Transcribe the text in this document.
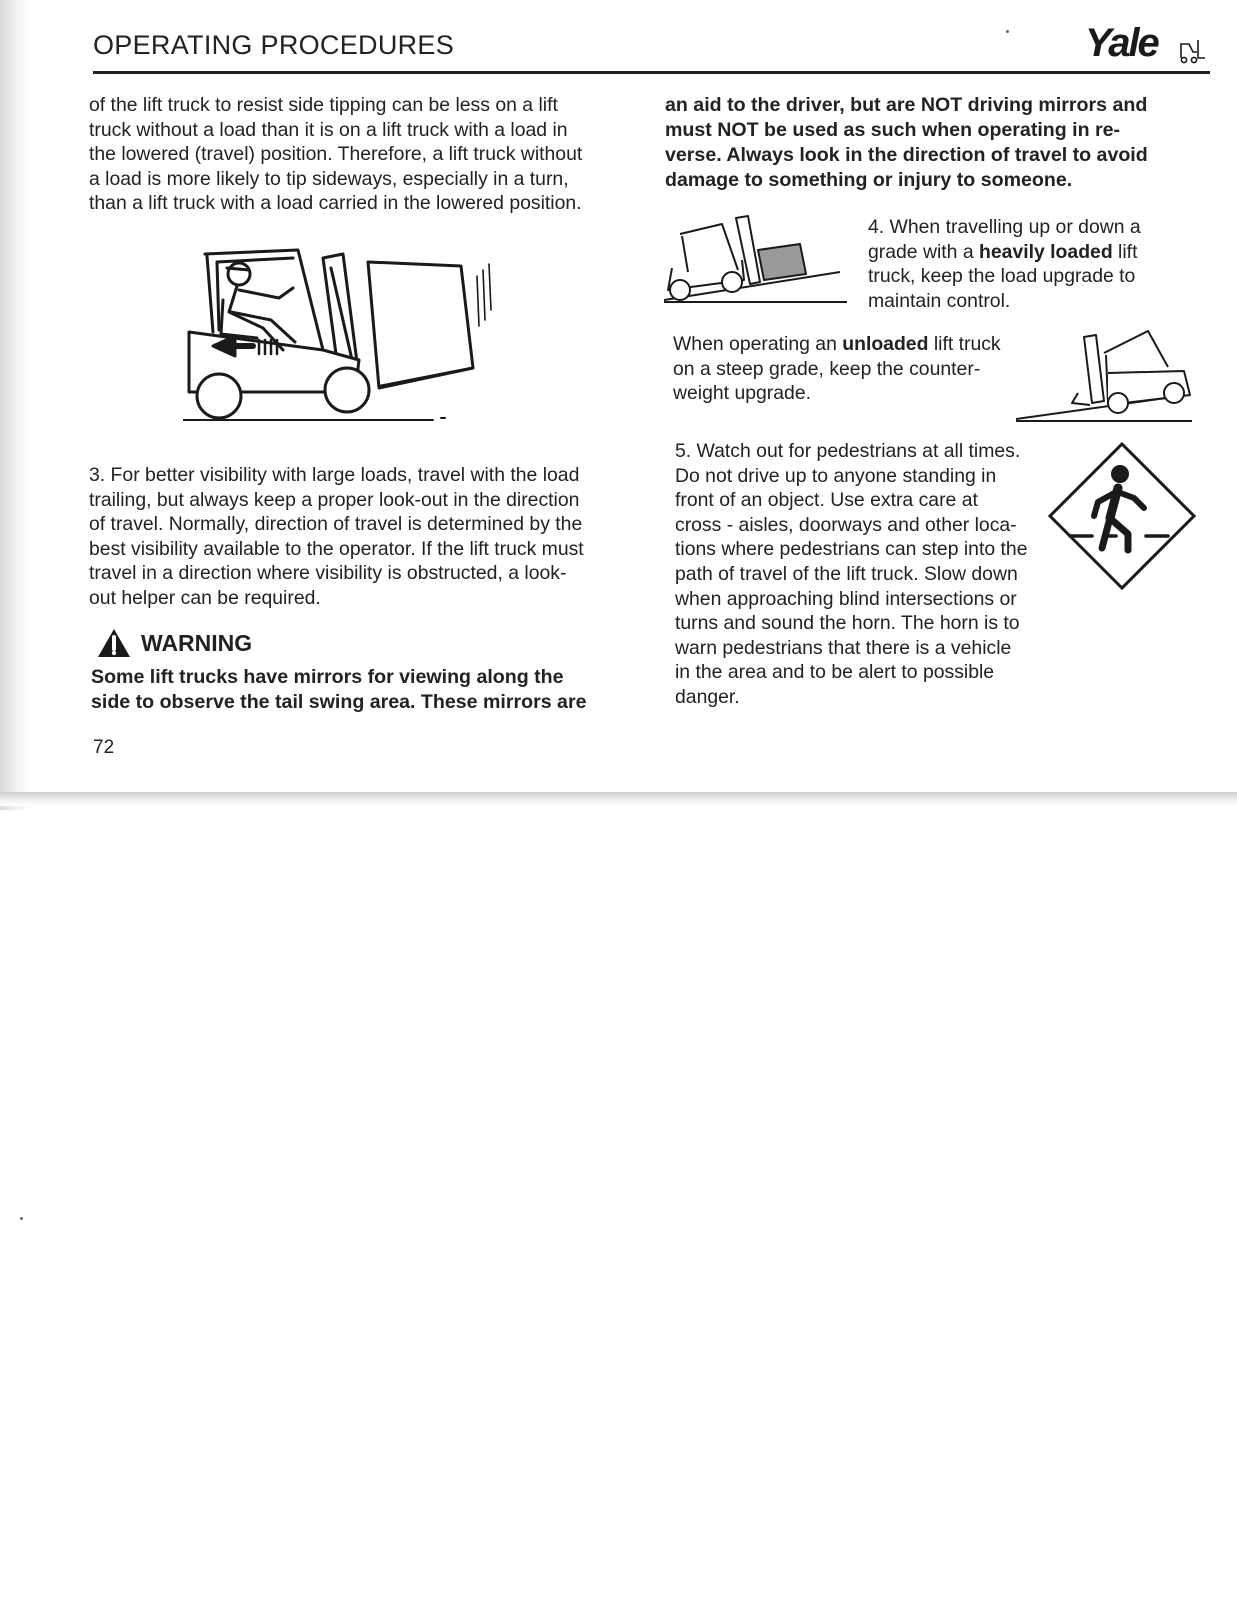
OPERATING PROCEDURES	Yale

of the lift truck to resist side tipping can be less on a lift
truck without a load than it is on a lift truck with a load in
the lowered (travel) position. Therefore, a lift truck without
a load is more likely to tip sideways, especially in a turn,
than a lift truck with a load carried in the lowered position.

3. For better visibility with large loads, travel with the load
trailing, but always keep a proper look-out in the direction
of travel. Normally, direction of travel is determined by the
best visibility available to the operator. If the lift truck must
travel in a direction where visibility is obstructed, a look-
out helper can be required.

WARNING

Some lift trucks have mirrors for viewing along the
side to observe the tail swing area. These mirrors are

an aid to the driver, but are NOT driving mirrors and
must NOT be used as such when operating in re-
verse. Always look in the direction of travel to avoid
damage to something or injury to someone.

4. When travelling up or down a
grade with a heavily loaded lift
truck, keep the load upgrade to
maintain control.

When operating an unloaded lift truck
on a steep grade, keep the counter-
weight upgrade.

5. Watch out for pedestrians at all times.
Do not drive up to anyone standing in
front of an object. Use extra care at
cross - aisles, doorways and other loca-
tions where pedestrians can step into the
path of travel of the lift truck. Slow down
when approaching blind intersections or
turns and sound the horn. The horn is to
warn pedestrians that there is a vehicle
in the area and to be alert to possible
danger.

72
